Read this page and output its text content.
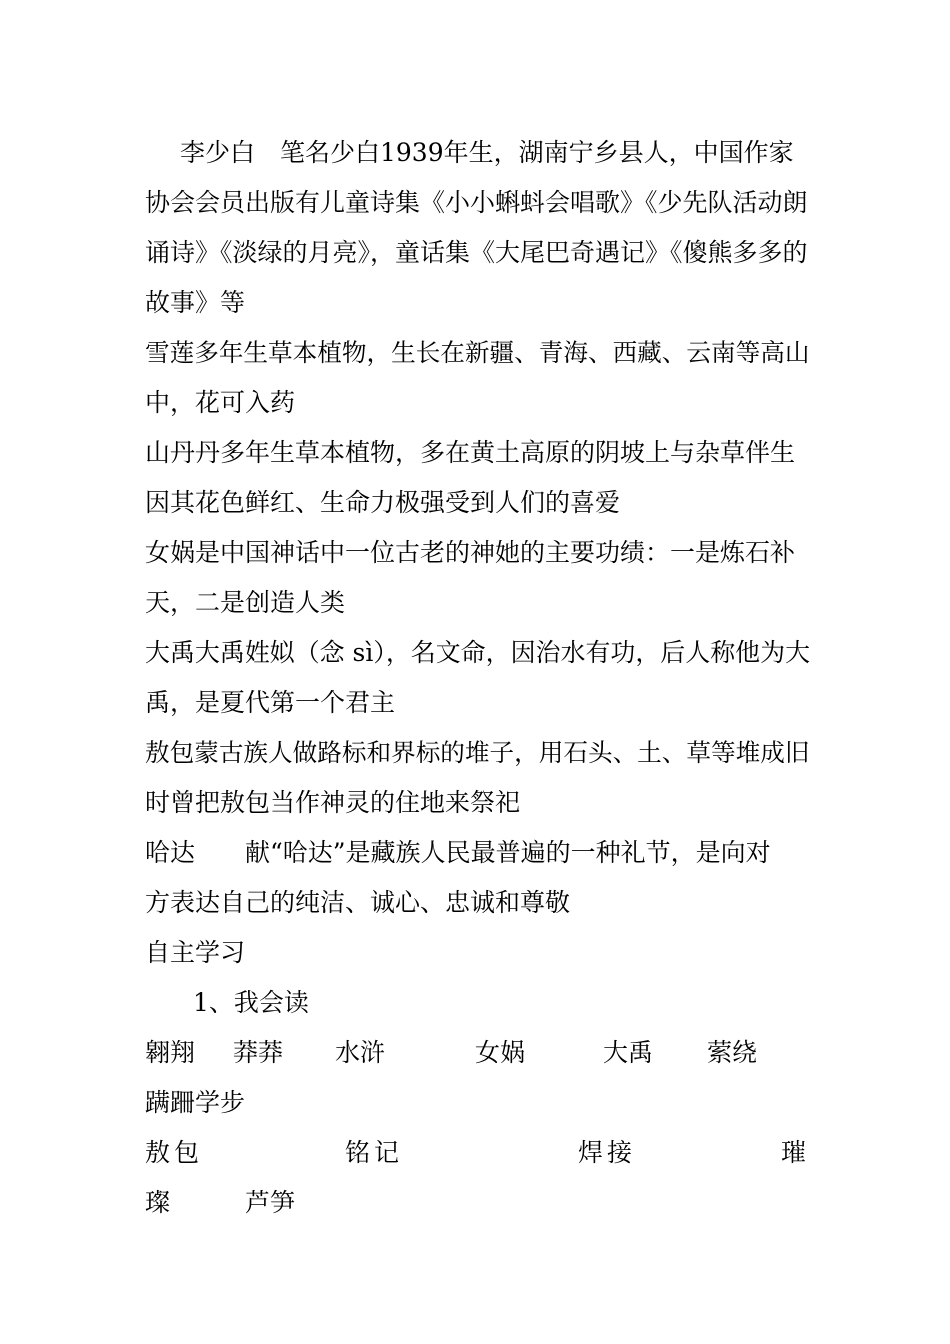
李少白　笔名少白1939年生，湖南宁乡县人，中国作家
协会会员出版有儿童诗集《小小蝌蚪会唱歌》《少先队活动朗
诵诗》《淡绿的月亮》，童话集《大尾巴奇遇记》《傻熊多多的
故事》等
雪莲多年生草本植物，生长在新疆、青海、西藏、云南等高山
中，花可入药
山丹丹多年生草本植物，多在黄土高原的阴坡上与杂草伴生
因其花色鲜红、生命力极强受到人们的喜爱
女娲是中国神话中一位古老的神她的主要功绩：一是炼石补
天，二是创造人类
大禹大禹姓姒（念 sì），名文命，因治水有功，后人称他为大
禹，是夏代第一个君主
敖包蒙古族人做路标和界标的堆子，用石头、土、草等堆成旧
时曾把敖包当作神灵的住地来祭祀
哈达　　献“哈达”是藏族人民最普遍的一种礼节，是向对
方表达自己的纯洁、诚心、忠诚和尊敬
自主学习
1、我会读
翱翔 莽莽 水浒	女娲	大禹 萦绕
蹒跚学步
敖包	铭记	焊接	璀
璨	芦笋
